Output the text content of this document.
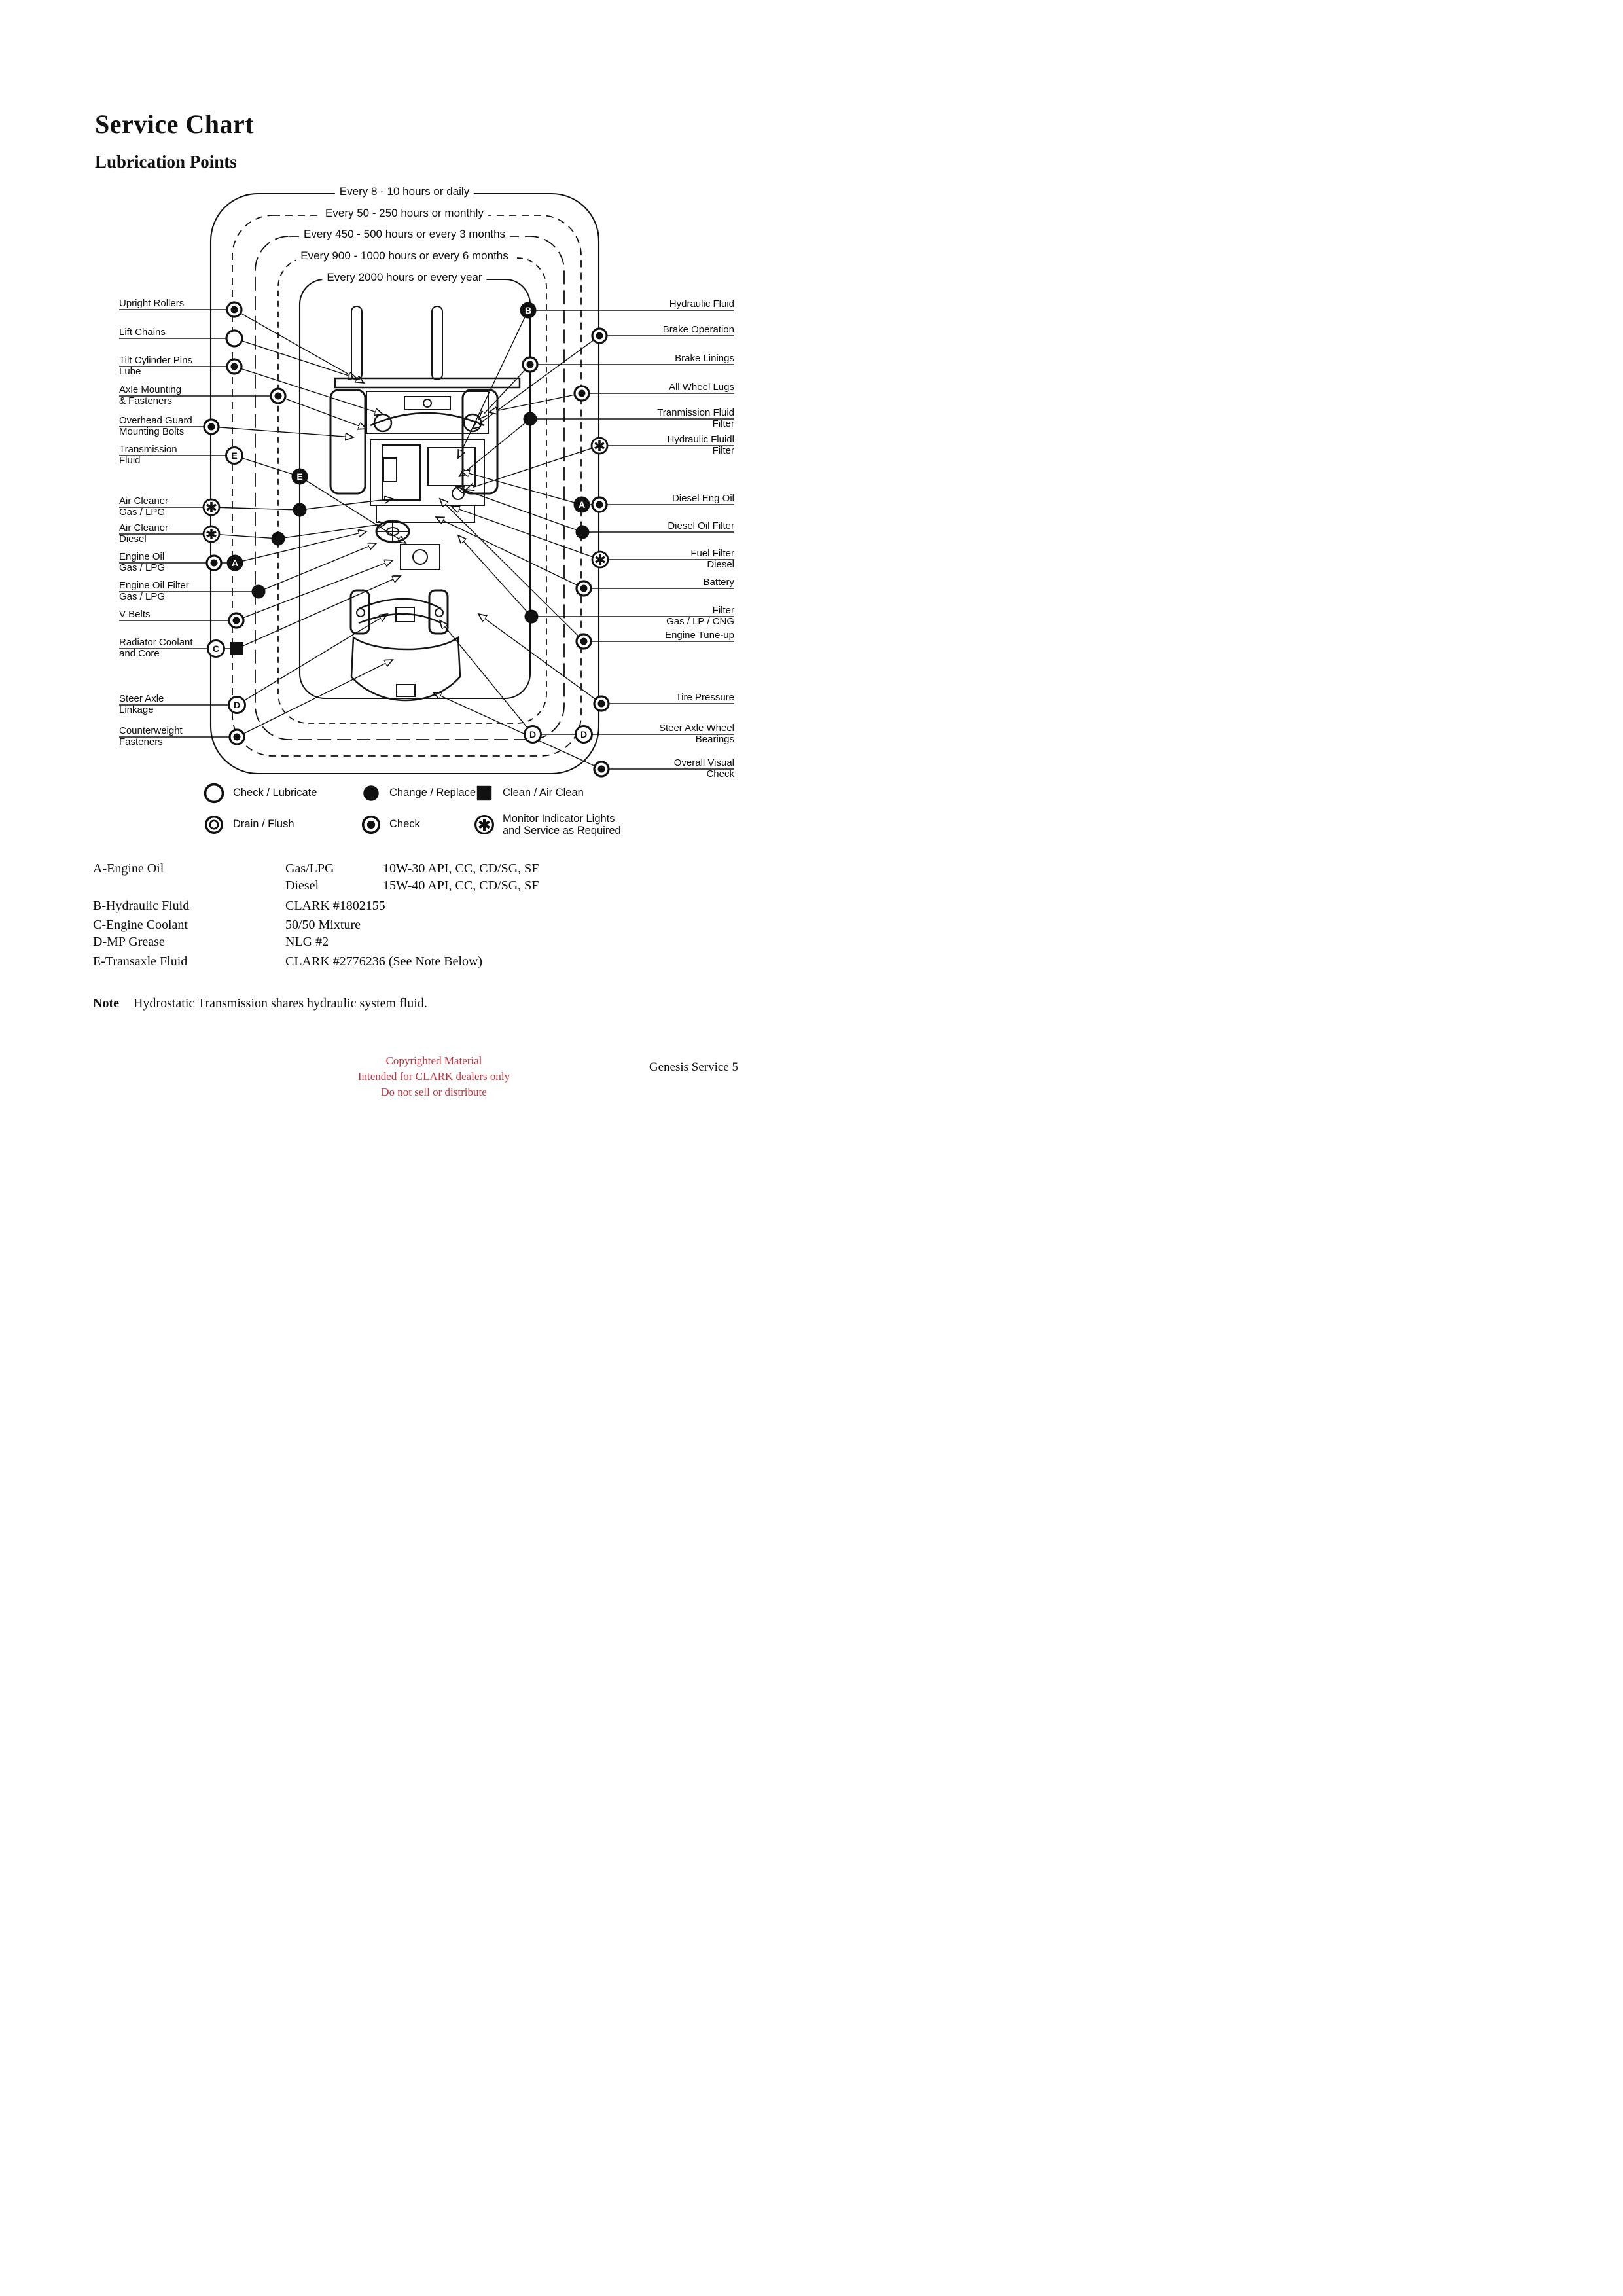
Service Chart
Lubrication Points
E
A
C
D
B
A
D	D
E
Every 8 - 10 hours or daily
Every 50 - 250 hours or monthly
Every 450 - 500 hours or every 3 months
Every 900 - 1000 hours or every 6 months
Every 2000 hours or every year
Upright Rollers
Lift Chains
Tilt Cylinder Pins
Lube
Axle Mounting
& Fasteners
Overhead Guard
Mounting Bolts
Transmission
Fluid
Air Cleaner
Gas / LPG
Air Cleaner
Diesel
Engine Oil
Gas / LPG
Engine Oil Filter
Gas / LPG
V Belts
Radiator Coolant
and Core
Steer Axle
Linkage
Counterweight
Fasteners
Hydraulic Fluid
Brake Operation
Brake Linings
All Wheel Lugs
Tranmission Fluid
Filter
Hydraulic Fluidl
Filter
Diesel Eng Oil
Diesel Oil Filter
Fuel Filter
Diesel
Battery
Filter
Gas / LP / CNG
Engine Tune-up
Tire Pressure
Steer Axle Wheel
Bearings
Overall Visual
Check
Check / Lubricate	Change / Replace Clean / Air Clean
Drain / Flush	Check	Monitor Indicator Lights
and Service as Required
A-Engine Oil	Gas/LPG	10W-30 API, CC, CD/SG, SF
Diesel	15W-40 API, CC, CD/SG, SF
B-Hydraulic Fluid	CLARK #1802155
C-Engine Coolant	50/50 Mixture
D-MP Grease	NLG #2
E-Transaxle Fluid	CLARK #2776236 (See Note Below)
Note Hydrostatic Transmission shares hydraulic system fluid.
Copyrighted Material
Intended for CLARK dealers only
Do not sell or distribute
Genesis Service 5
